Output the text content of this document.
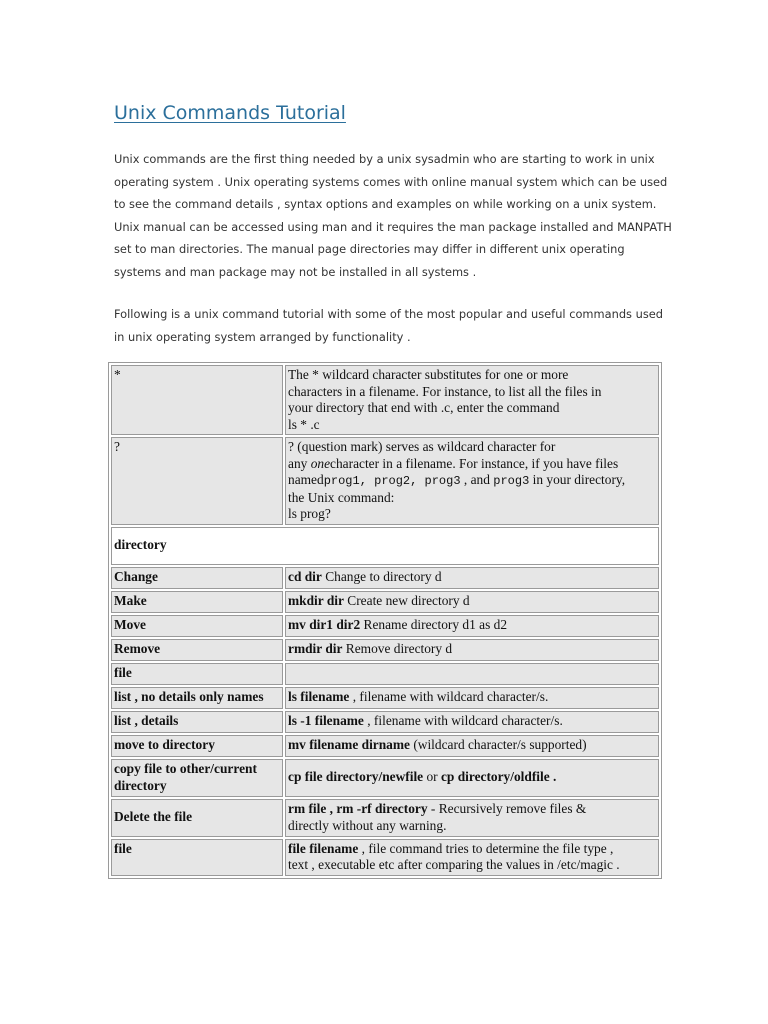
Unix Commands Tutorial

Unix commands are the first thing needed by a unix sysadmin who are starting to work in unix operating system . Unix operating systems comes with online manual system which can be used to see the command details , syntax options and examples on while working on a unix system. Unix manual can be accessed using man and it requires the man package installed and MANPATH set to man directories. The manual page directories may differ in different unix operating systems and man package may not be installed in all systems .

Following is a unix command tutorial with some of the most popular and useful commands used in unix operating system arranged by functionality .

*	The * wildcard character substitutes for one or more
characters in a filename. For instance, to list all the files in
your directory that end with .c, enter the command
ls * .c
?	? (question mark) serves as wildcard character for
any onecharacter in a filename. For instance, if you have files
namedprog1, prog2, prog3 , and prog3 in your directory,
the Unix command:
ls prog?
directory	
Change	cd dir Change to directory d
Make	mkdir dir Create new directory d
Move	mv dir1 dir2 Rename directory d1 as d2
Remove	rmdir dir Remove directory d
file	
list , no details only names	ls filename , filename with wildcard character/s.
list , details	ls -1 filename , filename with wildcard character/s.
move to directory	mv filename dirname (wildcard character/s supported)
copy file to other/current directory	cp file directory/newfile or cp directory/oldfile .
Delete the file	rm file , rm -rf directory - Recursively remove files &
directly without any warning.
file	file filename , file command tries to determine the file type ,
text , executable etc after comparing the values in /etc/magic .
